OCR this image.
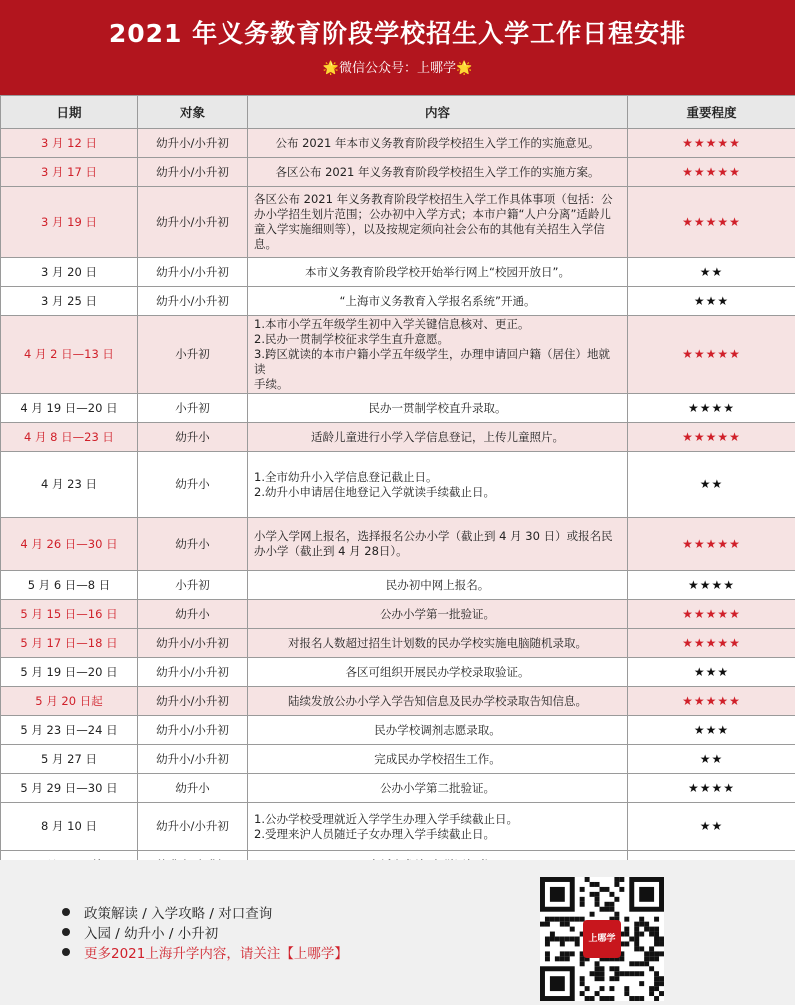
2021 年义务教育阶段学校招生入学工作日程安排
🌟微信公众号：上哪学🌟
日期	对象	内容	重要程度
3 月 12 日	幼升小/小升初	公布 2021 年本市义务教育阶段学校招生入学工作的实施意见。	★★★★★
3 月 17 日	幼升小/小升初	各区公布 2021 年义务教育阶段学校招生入学工作的实施方案。	★★★★★
3 月 19 日	幼升小/小升初	各区公布 2021 年义务教育阶段学校招生入学工作具体事项（包括：公
办小学招生划片范围；公办初中入学方式；本市户籍“人户分离”适龄儿
童入学实施细则等），以及按规定须向社会公布的其他有关招生入学信息。	★★★★★
3 月 20 日	幼升小/小升初	本市义务教育阶段学校开始举行网上“校园开放日”。	★★
3 月 25 日	幼升小/小升初	“上海市义务教育入学报名系统”开通。	★★★
4 月 2 日—13 日	小升初	1.本市小学五年级学生初中入学关键信息核对、更正。
2.民办一贯制学校征求学生直升意愿。
3.跨区就读的本市户籍小学五年级学生，办理申请回户籍（居住）地就读
手续。	★★★★★
4 月 19 日—20 日	小升初	民办一贯制学校直升录取。	★★★★
4 月 8 日—23 日	幼升小	适龄儿童进行小学入学信息登记，上传儿童照片。	★★★★★
4 月 23 日	幼升小	1.全市幼升小入学信息登记截止日。
2.幼升小申请居住地登记入学就读手续截止日。	★★
4 月 26 日—30 日	幼升小	小学入学网上报名，选择报名公办小学（截止到 4 月 30 日）或报名民
办小学（截止到 4 月 28日）。	★★★★★
5 月 6 日—8 日	小升初	民办初中网上报名。	★★★★
5 月 15 日—16 日	幼升小	公办小学第一批验证。	★★★★★
5 月 17 日—18 日	幼升小/小升初	对报名人数超过招生计划数的民办学校实施电脑随机录取。	★★★★★
5 月 19 日—20 日	幼升小/小升初	各区可组织开展民办学校录取验证。	★★★
5 月 20 日起	幼升小/小升初	陆续发放公办小学入学告知信息及民办学校录取告知信息。	★★★★★
5 月 23 日—24 日	幼升小/小升初	民办学校调剂志愿录取。	★★★
5 月 27 日	幼升小/小升初	完成民办学校招生工作。	★★
5 月 29 日—30 日	幼升小	公办小学第二批验证。	★★★★
8 月 10 日	幼升小/小升初	1.公办学校受理就近入学学生办理入学手续截止日。
2.受理来沪人员随迁子女办理入学手续截止日。	★★

政策解读 / 入学攻略 / 对口查询
入园 / 幼升小 / 小升初
更多2021上海升学内容，请关注【上哪学】
上哪学
